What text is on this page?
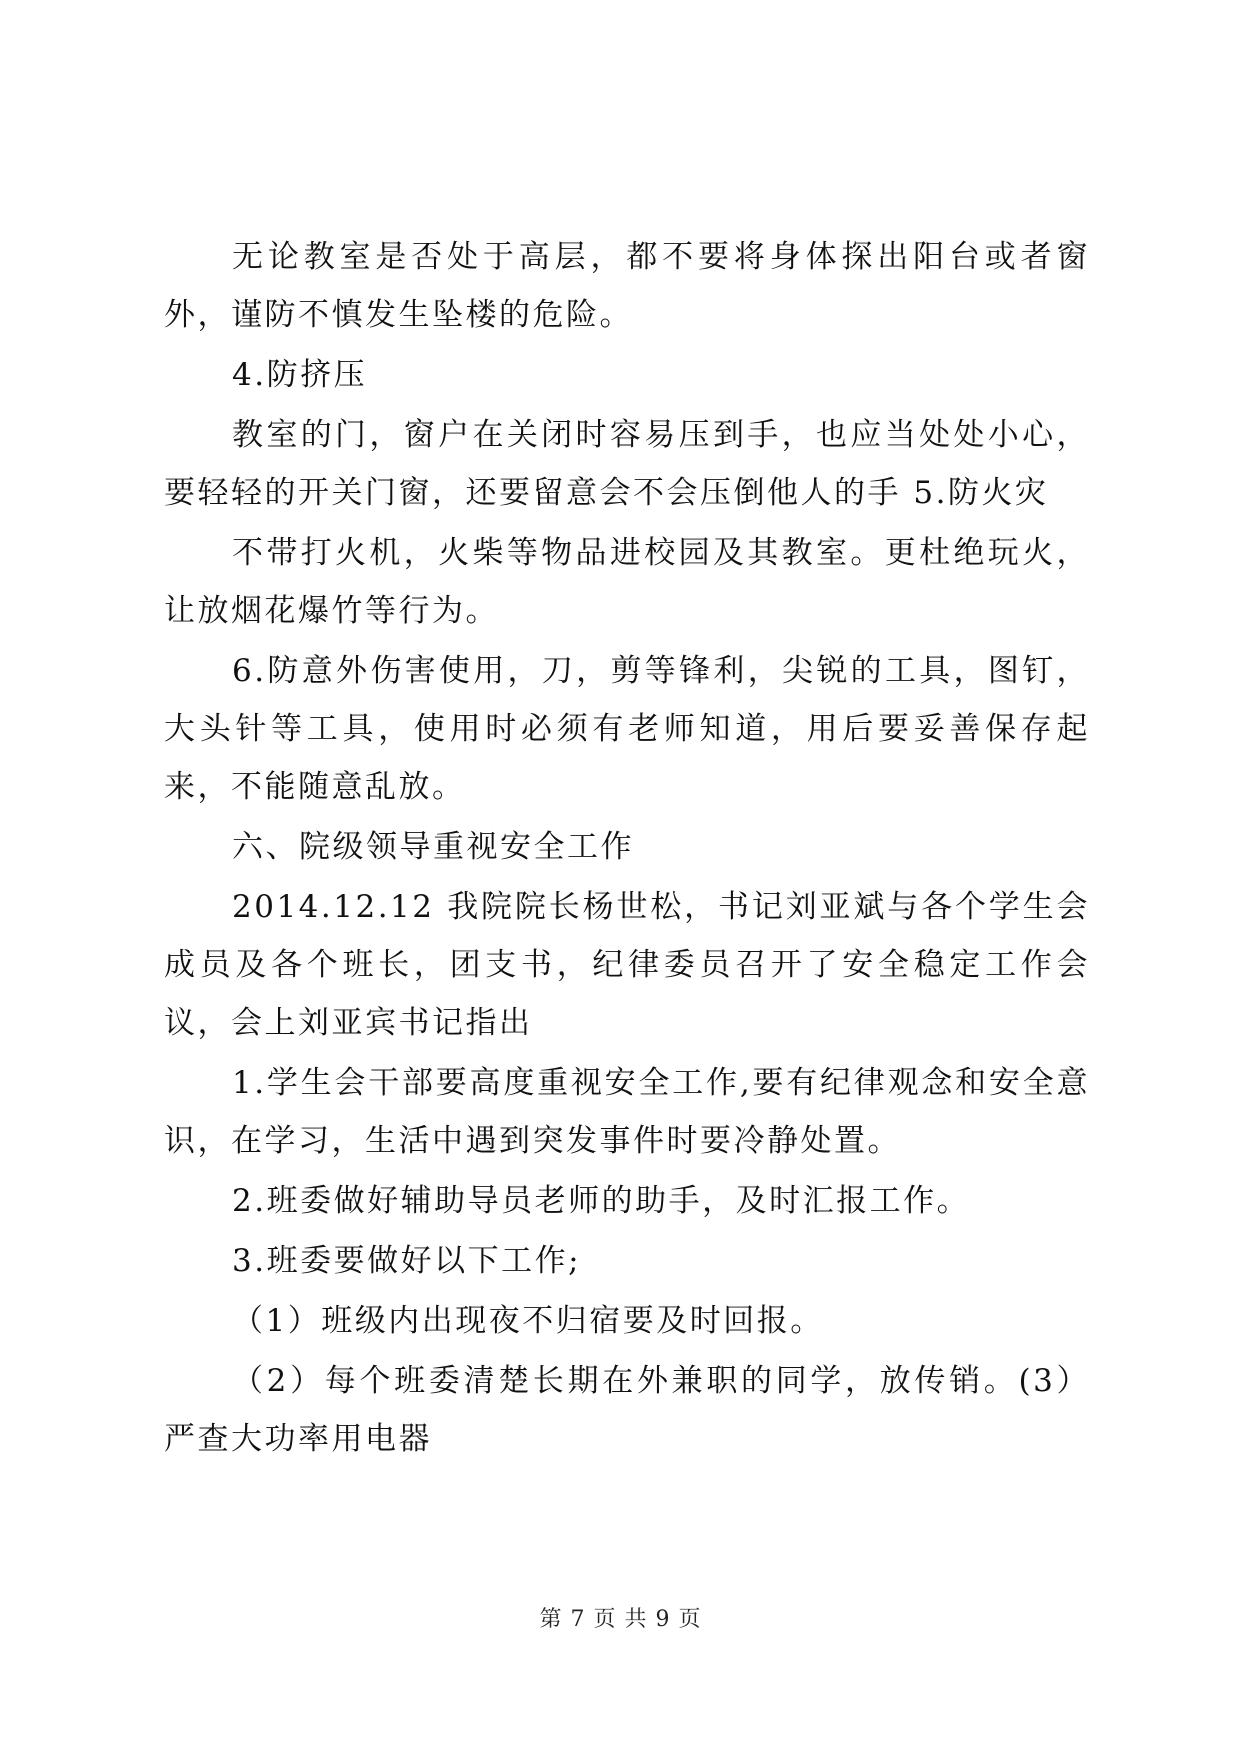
无论教室是否处于高层，都不要将身体探出阳台或者窗外，谨防不慎发生坠楼的危险。

4.防挤压

教室的门，窗户在关闭时容易压到手，也应当处处小心，要轻轻的开关门窗，还要留意会不会压倒他人的手 5.防火灾

不带打火机，火柴等物品进校园及其教室。更杜绝玩火，让放烟花爆竹等行为。

6.防意外伤害使用，刀，剪等锋利，尖锐的工具，图钉，大头针等工具，使用时必须有老师知道，用后要妥善保存起来，不能随意乱放。

六、院级领导重视安全工作

2014.12.12 我院院长杨世松，书记刘亚斌与各个学生会成员及各个班长，团支书，纪律委员召开了安全稳定工作会议，会上刘亚宾书记指出

1.学生会干部要高度重视安全工作,要有纪律观念和安全意识，在学习，生活中遇到突发事件时要冷静处置。

2.班委做好辅助导员老师的助手，及时汇报工作。

3.班委要做好以下工作;

（1）班级内出现夜不归宿要及时回报。

（2）每个班委清楚长期在外兼职的同学，放传销。(3）严查大功率用电器

第 7 页 共 9 页
